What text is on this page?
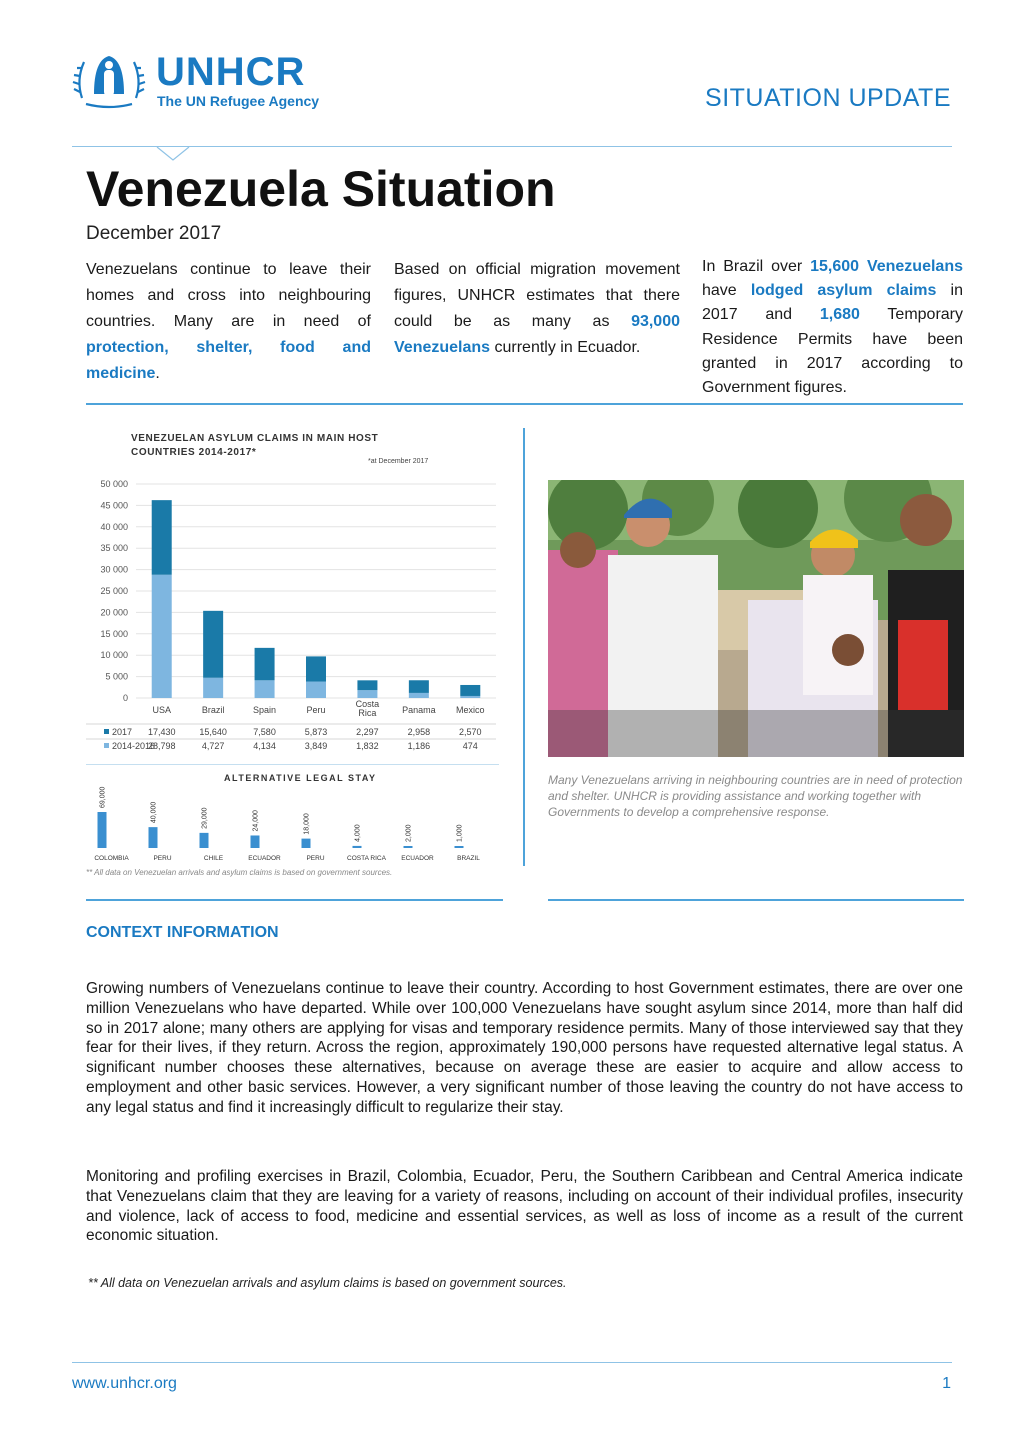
UNHCR
The UN Refugee Agency	SITUATION UPDATE
Venezuela Situation
December 2017
Venezuelans continue to leave their homes and cross into neighbouring countries. Many are in need of protection, shelter, food and medicine.
Based on official migration movement figures, UNHCR estimates that there could be as many as 93,000 Venezuelans currently in Ecuador.
In Brazil over 15,600 Venezuelans have lodged asylum claims in 2017 and 1,680 Temporary Residence Permits have been granted in 2017 according to Government figures.
VENEZUELAN ASYLUM CLAIMS IN MAIN HOST COUNTRIES 2014-2017*
*at December 2017
50 000
45 000
40 000
35 000
30 000
25 000
20 000
15 000
10 000
5 000
0
USA
17,430
28,798
Brazil
15,640
4,727
Spain
7,580
4,134
Peru
5,873
3,849
Costa
Rica
2,297
1,832
Panama
2,958
1,186
Mexico
2,570
474
2017
2014-2016
ALTERNATIVE LEGAL STAY
69,000
COLOMBIA
40,000
PERU
29,000
CHILE
24,000
ECUADOR
18,000
PERU
4,000
COSTA RICA
2,000
ECUADOR
1,000
BRAZIL
** All data on Venezuelan arrivals and asylum claims is based on government sources.
Many Venezuelans arriving in neighbouring countries are in need of protection and shelter. UNHCR is providing assistance and working together with Governments to develop a comprehensive response.
CONTEXT INFORMATION
Growing numbers of Venezuelans continue to leave their country. According to host Government estimates, there are over one million Venezuelans who have departed. While over 100,000 Venezuelans have sought asylum since 2014, more than half did so in 2017 alone; many others are applying for visas and temporary residence permits. Many of those interviewed say that they fear for their lives, if they return. Across the region, approximately 190,000 persons have requested alternative legal status. A significant number chooses these alternatives, because on average these are easier to acquire and allow access to employment and other basic services. However, a very significant number of those leaving the country do not have access to any legal status and find it increasingly difficult to regularize their stay.
Monitoring and profiling exercises in Brazil, Colombia, Ecuador, Peru, the Southern Caribbean and Central America indicate that Venezuelans claim that they are leaving for a variety of reasons, including on account of their individual profiles, insecurity and violence, lack of access to food, medicine and essential services, as well as loss of income as a result of the current economic situation.
** All data on Venezuelan arrivals and asylum claims is based on government sources.
www.unhcr.org	1
